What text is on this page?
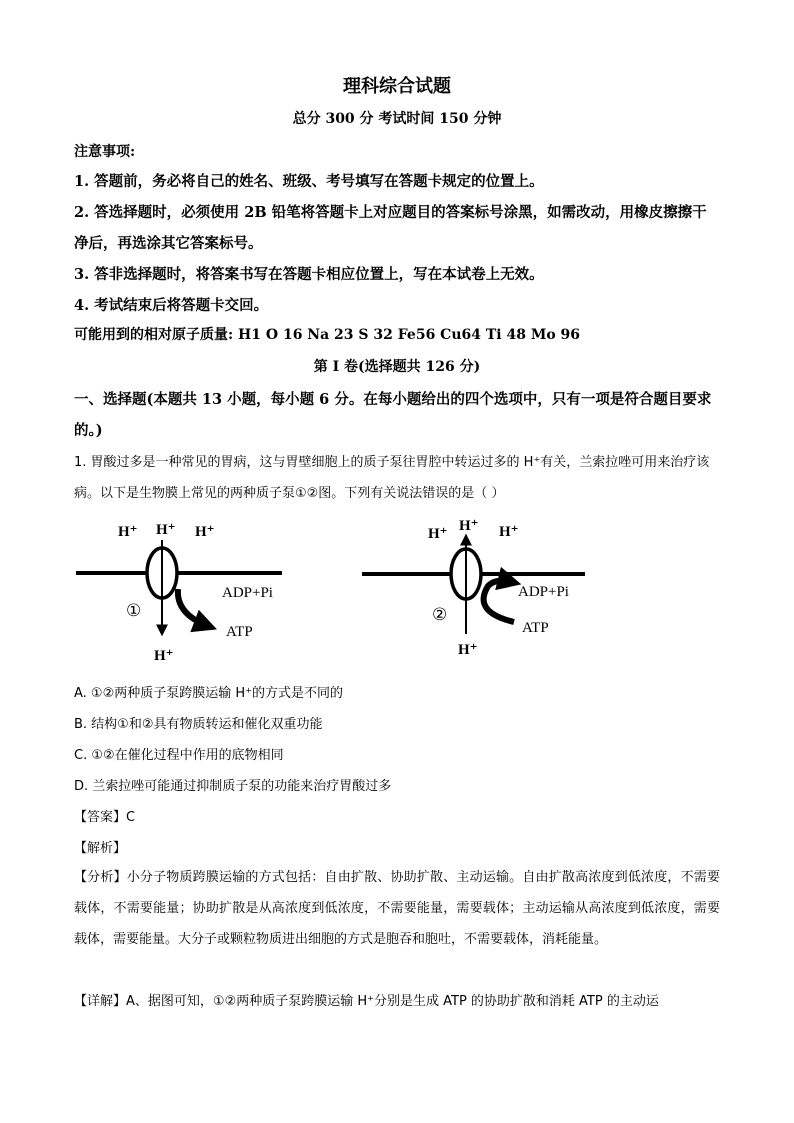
理科综合试题
总分 300 分 考试时间 150 分钟
注意事项:
1. 答题前，务必将自己的姓名、班级、考号填写在答题卡规定的位置上。
2. 答选择题时，必须使用 2B 铅笔将答题卡上对应题目的答案标号涂黑，如需改动，用橡皮擦擦干净后，再选涂其它答案标号。
3. 答非选择题时，将答案书写在答题卡相应位置上，写在本试卷上无效。
4. 考试结束后将答题卡交回。
可能用到的相对原子质量: H1 O 16 Na 23 S 32 Fe56 Cu64 Ti 48 Mo 96
第 I 卷(选择题共 126 分)
一、选择题(本题共 13 小题，每小题 6 分。在每小题给出的四个选项中，只有一项是符合题目要求的。)
1. 胃酸过多是一种常见的胃病，这与胃壁细胞上的质子泵往胃腔中转运过多的 H⁺有关，兰索拉唑可用来治疗该病。以下是生物膜上常见的两种质子泵①②图。下列有关说法错误的是（ ）
H⁺ H⁺ H⁺
①
ADP+Pi
ATP
H⁺
H⁺ H⁺ H⁺
②
ADP+Pi
ATP
H⁺
A. ①②两种质子泵跨膜运输 H⁺的方式是不同的
B. 结构①和②具有物质转运和催化双重功能
C. ①②在催化过程中作用的底物相同
D. 兰索拉唑可能通过抑制质子泵的功能来治疗胃酸过多
【答案】C
【解析】
【分析】小分子物质跨膜运输的方式包括：自由扩散、协助扩散、主动运输。自由扩散高浓度到低浓度，不需要载体，不需要能量；协助扩散是从高浓度到低浓度，不需要能量，需要载体；主动运输从高浓度到低浓度，需要载体，需要能量。大分子或颗粒物质进出细胞的方式是胞吞和胞吐，不需要载体，消耗能量。
【详解】A、据图可知，①②两种质子泵跨膜运输 H⁺分别是生成 ATP 的协助扩散和消耗 ATP 的主动运
